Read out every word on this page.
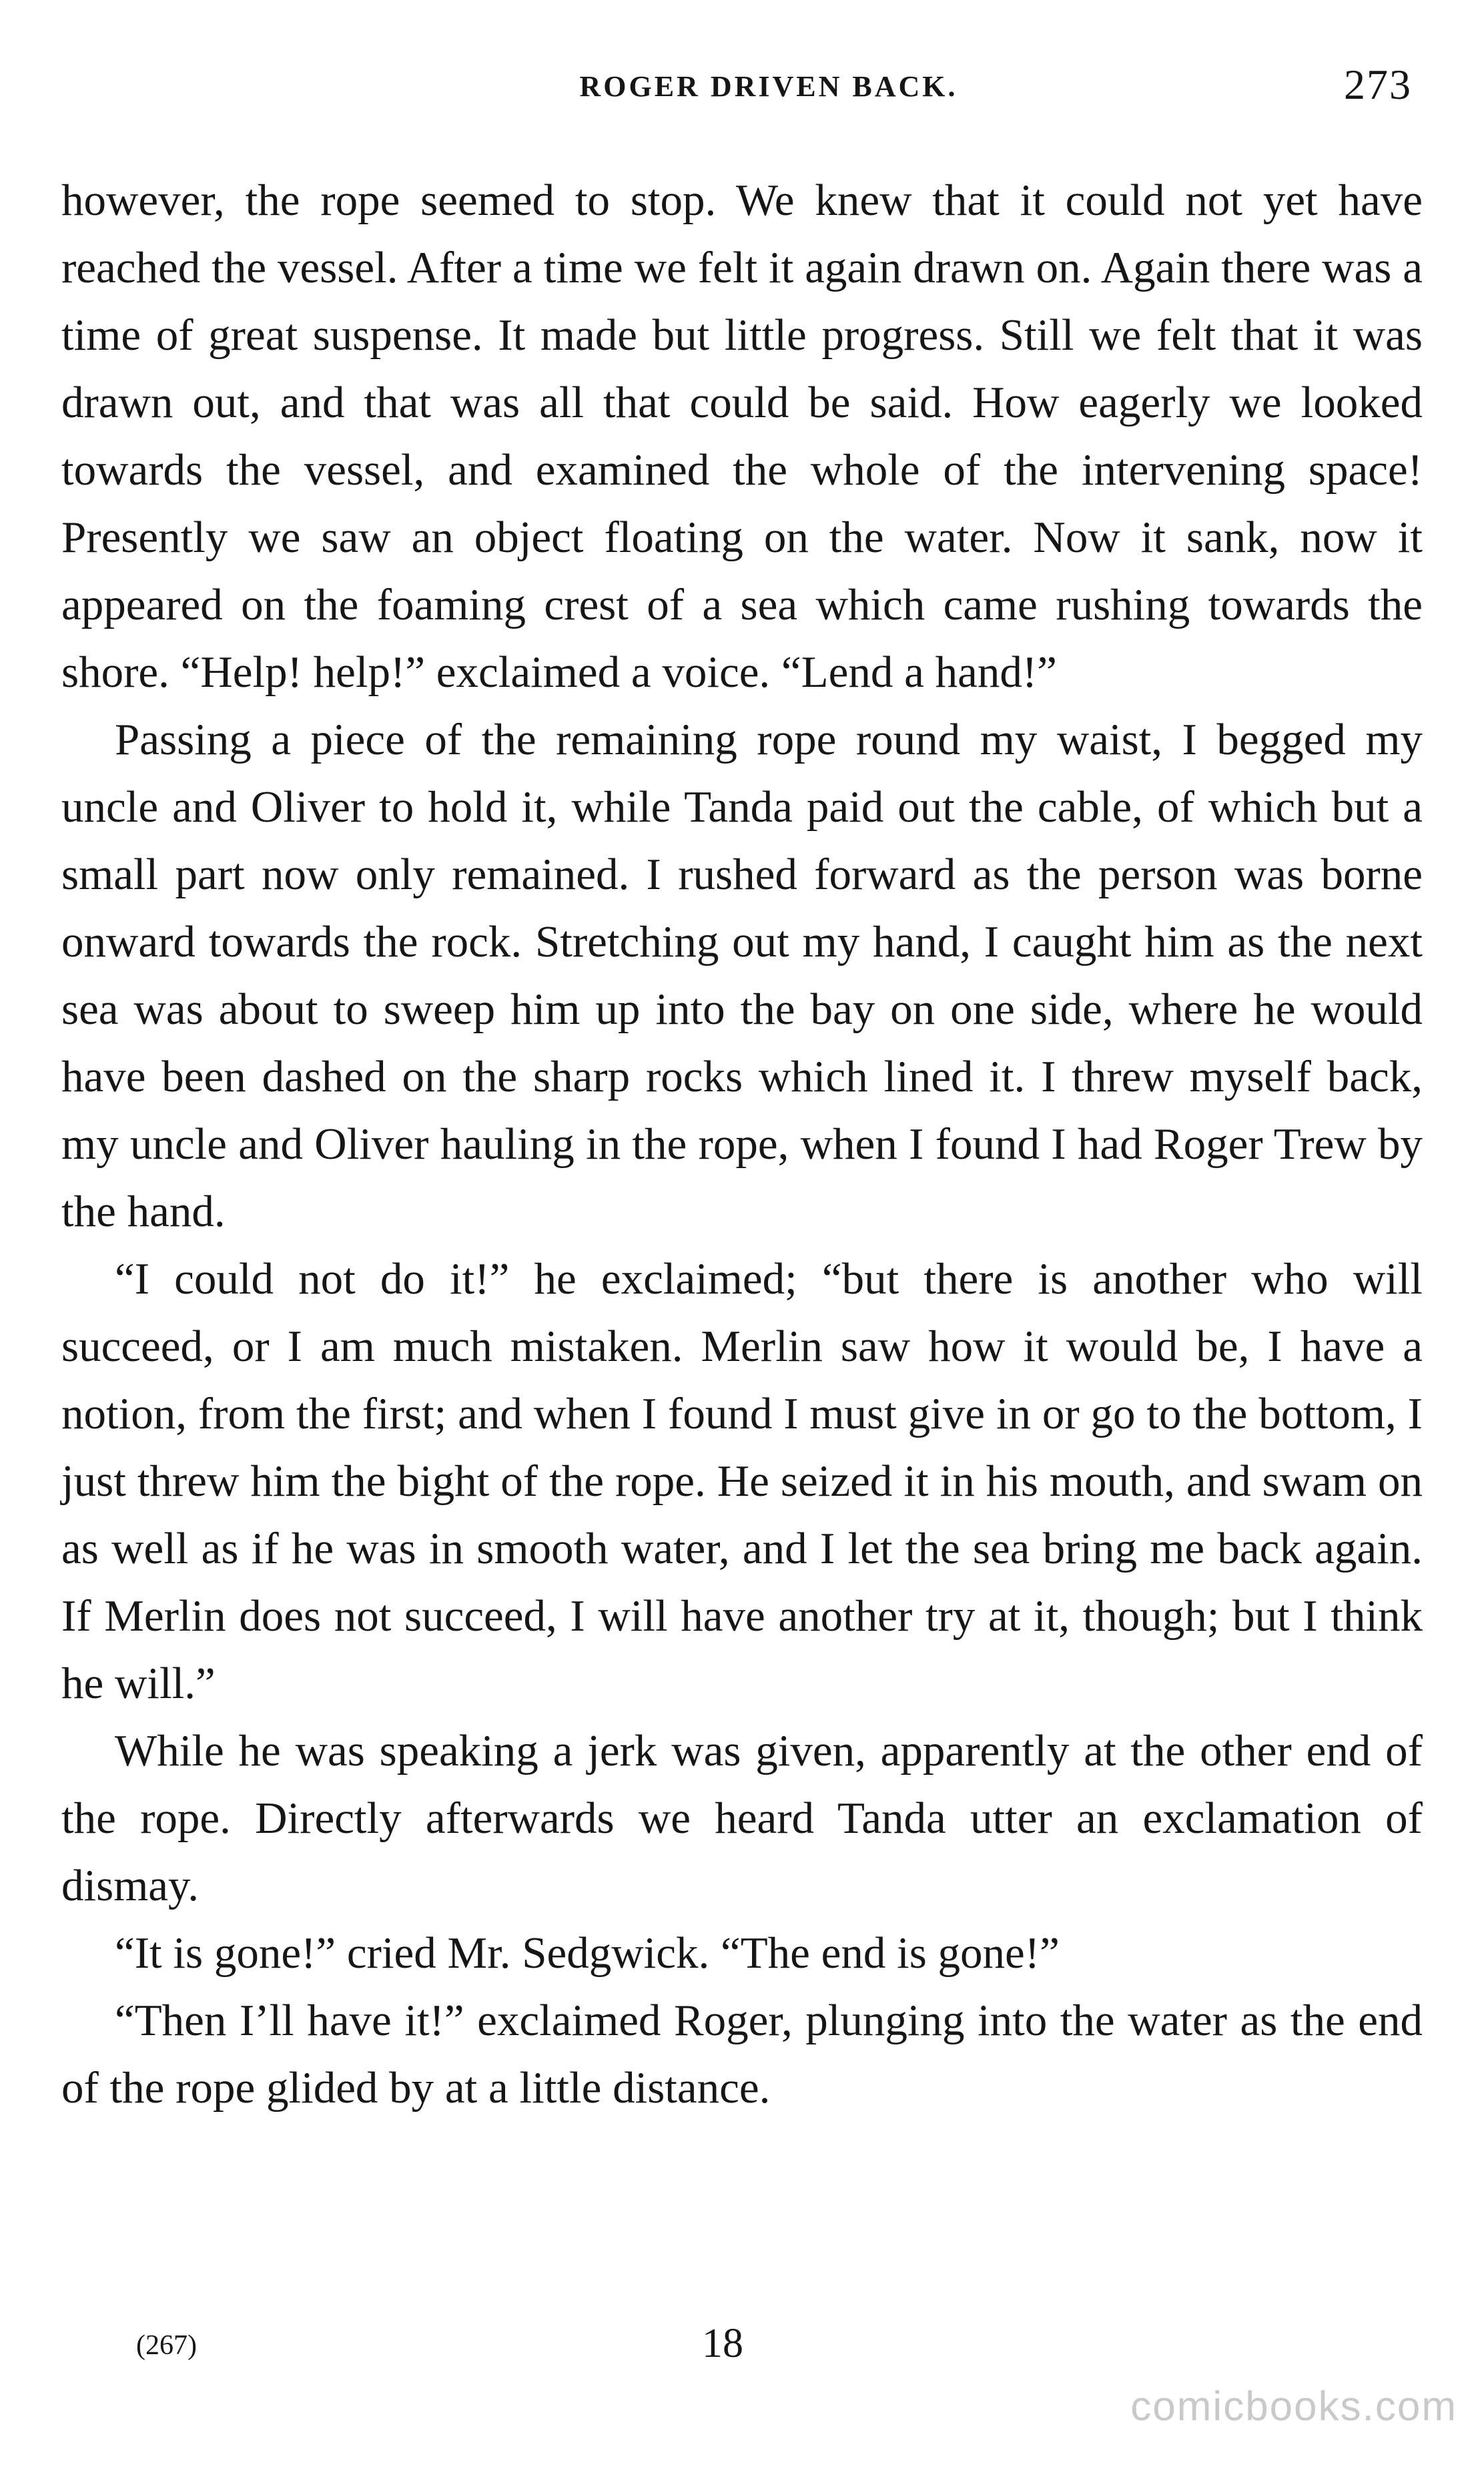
ROGER DRIVEN BACK.	273

however, the rope seemed to stop. We knew that it could not yet have reached the vessel. After a time we felt it again drawn on. Again there was a time of great suspense. It made but little progress. Still we felt that it was drawn out, and that was all that could be said. How eagerly we looked towards the vessel, and examined the whole of the intervening space! Presently we saw an object floating on the water. Now it sank, now it appeared on the foaming crest of a sea which came rushing towards the shore. “Help! help!” exclaimed a voice. “Lend a hand!”

Passing a piece of the remaining rope round my waist, I begged my uncle and Oliver to hold it, while Tanda paid out the cable, of which but a small part now only remained. I rushed forward as the person was borne onward towards the rock. Stretching out my hand, I caught him as the next sea was about to sweep him up into the bay on one side, where he would have been dashed on the sharp rocks which lined it. I threw myself back, my uncle and Oliver hauling in the rope, when I found I had Roger Trew by the hand.

“I could not do it!” he exclaimed; “but there is another who will succeed, or I am much mistaken. Merlin saw how it would be, I have a notion, from the first; and when I found I must give in or go to the bottom, I just threw him the bight of the rope. He seized it in his mouth, and swam on as well as if he was in smooth water, and I let the sea bring me back again. If Merlin does not succeed, I will have another try at it, though; but I think he will.”

While he was speaking a jerk was given, apparently at the other end of the rope. Directly afterwards we heard Tanda utter an exclamation of dismay.

“It is gone!” cried Mr. Sedgwick. “The end is gone!”

“Then I’ll have it!” exclaimed Roger, plunging into the water as the end of the rope glided by at a little distance.

(267)	18
comicbooks.com
